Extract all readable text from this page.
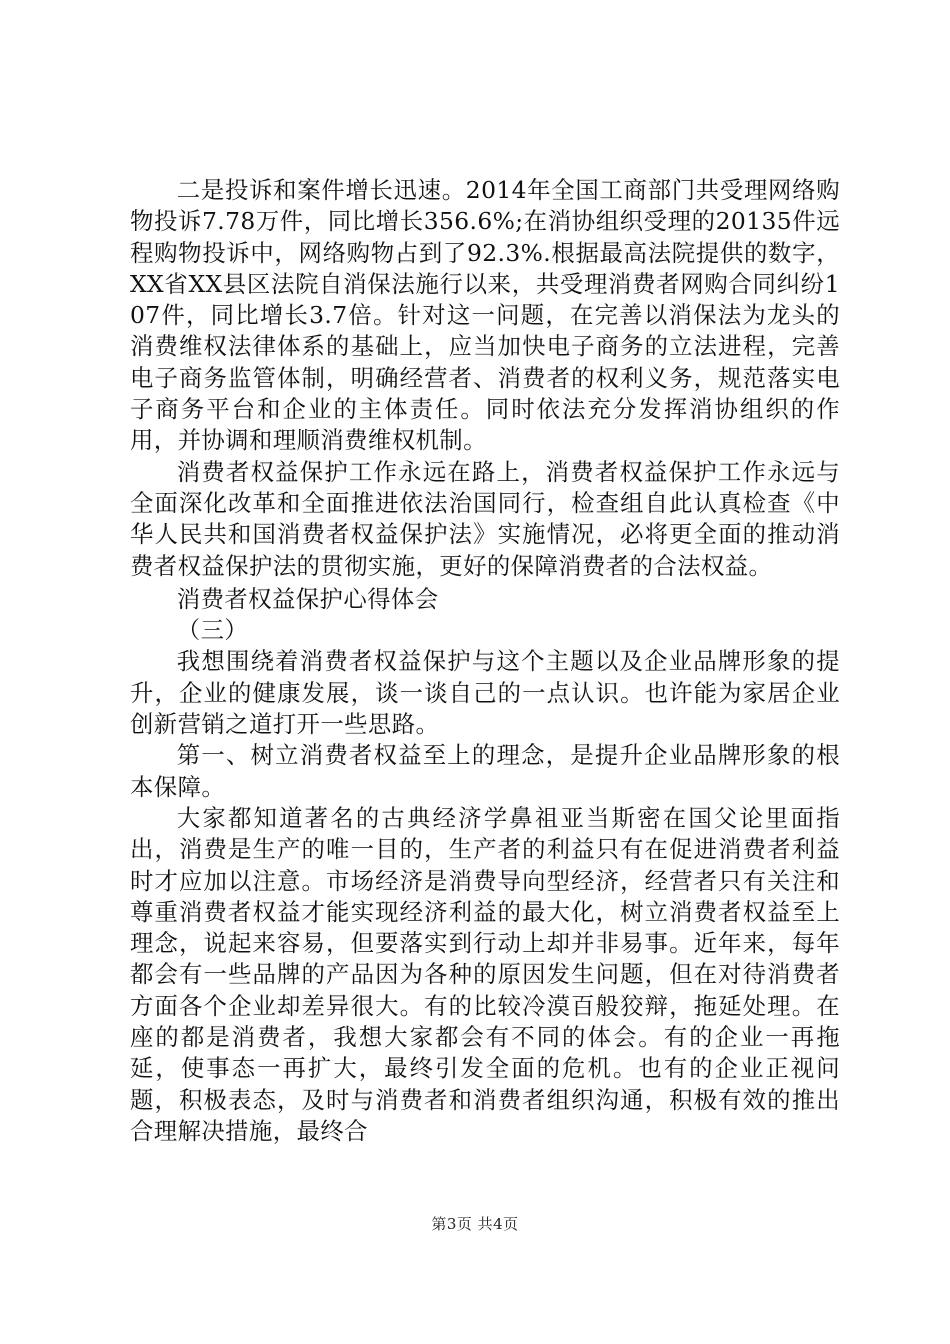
二是投诉和案件增长迅速。2014年全国工商部门共受理网络购物投诉7.78万件，同比增长356.6%;在消协组织受理的20135件远程购物投诉中，网络购物占到了92.3%.根据最高法院提供的数字，XX省XX县区法院自消保法施行以来，共受理消费者网购合同纠纷107件，同比增长3.7倍。针对这一问题，在完善以消保法为龙头的消费维权法律体系的基础上，应当加快电子商务的立法进程，完善电子商务监管体制，明确经营者、消费者的权利义务，规范落实电子商务平台和企业的主体责任。同时依法充分发挥消协组织的作用，并协调和理顺消费维权机制。

消费者权益保护工作永远在路上，消费者权益保护工作永远与全面深化改革和全面推进依法治国同行，检查组自此认真检查《中华人民共和国消费者权益保护法》实施情况，必将更全面的推动消费者权益保护法的贯彻实施，更好的保障消费者的合法权益。

消费者权益保护心得体会

（三）

我想围绕着消费者权益保护与这个主题以及企业品牌形象的提升，企业的健康发展，谈一谈自己的一点认识。也许能为家居企业创新营销之道打开一些思路。

第一、树立消费者权益至上的理念，是提升企业品牌形象的根本保障。

大家都知道著名的古典经济学鼻祖亚当斯密在国父论里面指出，消费是生产的唯一目的，生产者的利益只有在促进消费者利益时才应加以注意。市场经济是消费导向型经济，经营者只有关注和尊重消费者权益才能实现经济利益的最大化，树立消费者权益至上理念，说起来容易，但要落实到行动上却并非易事。近年来，每年都会有一些品牌的产品因为各种的原因发生问题，但在对待消费者方面各个企业却差异很大。有的比较冷漠百般狡辩，拖延处理。在座的都是消费者，我想大家都会有不同的体会。有的企业一再拖延，使事态一再扩大，最终引发全面的危机。也有的企业正视问题，积极表态，及时与消费者和消费者组织沟通，积极有效的推出合理解决措施，最终合

第3页 共4页
